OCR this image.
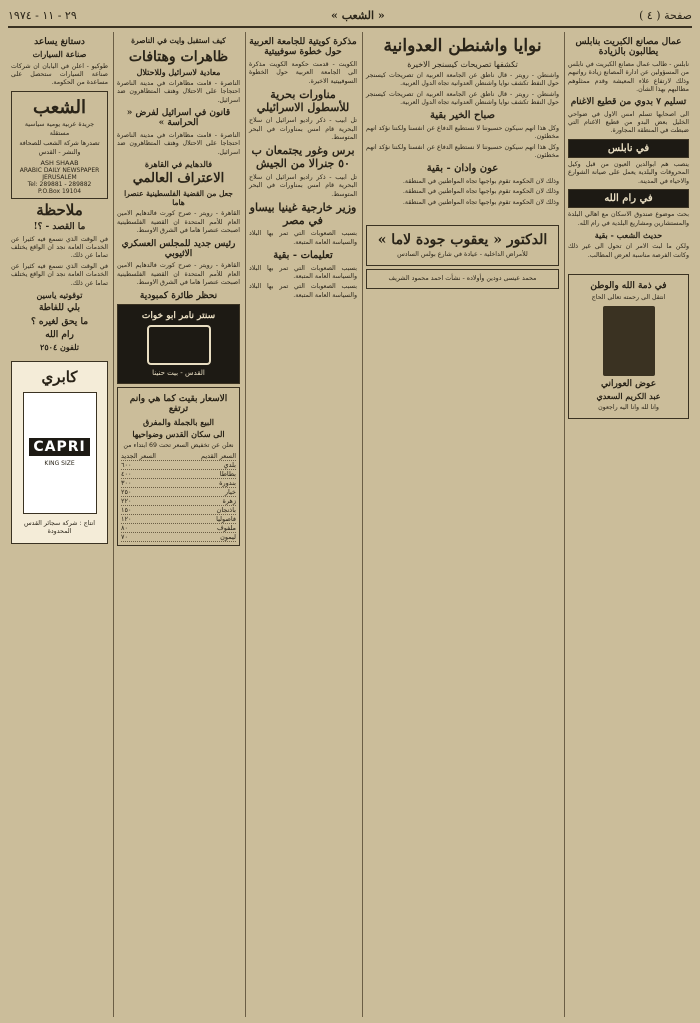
صفحة ( ٤ )
« الشعب »
٢٩ - ١١ - ١٩٧٤
عمال مصانع الكبريت بنابلس يطالبون بالزيادة

نابلس - طالب عمال مصانع الكبريت في نابلس من المسؤولين عن ادارة المصانع زيادة رواتبهم وذلك لارتفاع غلاء المعيشة وقدم ممثلوهم مطالبهم بهذا الشأن.

تسليم ٧ بدوي من قطيع الاغنام

الى اصحابها تسلم امس الاول في ضواحي الخليل بعض البدو من قطيع الاغنام التي ضبطت في المنطقة المجاورة.

في نابلس

ينصب هم ابوالدين العيون من قبل وكيل المحروقات والبلدية يعمل على صيانة الشوارع والاحياء في المدينة.

في رام الله

بحث موضوع صندوق الاسكان مع اهالي البلدة والمستشارين ومشاريع البلدية في رام الله.

حديث الشعب - بقية

ولكن ما لبث الامر ان تحول الى غير ذلك وكانت الفرصة مناسبة لعرض المطالب.

في ذمة الله والوطن
انتقل الى رحمته تعالى الحاج
عوض العوراني
عبد الكريم السعدي
وانا لله وانا اليه راجعون
نوايا واشنطن العدوانية
تكشفها تصريحات كيسنجر الاخيرة

واشنطن - رويتر - قال ناطق عن الجامعة العربية ان تصريحات كيسنجر حول النفط تكشف نوايا واشنطن العدوانية تجاه الدول العربية.

واشنطن - رويتر - قال ناطق عن الجامعة العربية ان تصريحات كيسنجر حول النفط تكشف نوايا واشنطن العدوانية تجاه الدول العربية.

صباح الخير بقية

وكل هذا انهم سيكون حسبوننا لا نستطيع الدفاع عن انفسنا ولكننا نؤكد انهم مخطئون.

وكل هذا انهم سيكون حسبوننا لا نستطيع الدفاع عن انفسنا ولكننا نؤكد انهم مخطئون.

عون وادان - بقية

وذلك لان الحكومة تقوم بواجبها تجاه المواطنين في المنطقة.

وذلك لان الحكومة تقوم بواجبها تجاه المواطنين في المنطقة.

وذلك لان الحكومة تقوم بواجبها تجاه المواطنين في المنطقة.

الدكتور « يعقوب جودة لاما »
للأمراض الداخلية - عيادة في شارع بولس السادس
محمد عيسى دودين وأولاده - نشأت احمد محمود الشريف
مذكرة كويتية للجامعة العربية حول خطوة سوفييتية

الكويت - قدمت حكومة الكويت مذكرة الى الجامعة العربية حول الخطوة السوفييتية الاخيرة.

مناورات بحرية للأسطول الاسرائيلي

تل ابيب - ذكر راديو اسرائيل ان سلاح البحرية قام امس بمناورات في البحر المتوسط.

برس وغور يجتمعان ب ٥٠ جنرالا من الجيش

تل ابيب - ذكر راديو اسرائيل ان سلاح البحرية قام امس بمناورات في البحر المتوسط.

وزير خارجية غينيا بيساو في مصر

بسبب الصعوبات التي تمر بها البلاد والسياسة العامة المتبعة.

تعليمات - بقية

بسبب الصعوبات التي تمر بها البلاد والسياسة العامة المتبعة.

بسبب الصعوبات التي تمر بها البلاد والسياسة العامة المتبعة.

كيف استقبل وايت في الناصرة
ظاهرات وهتافات
معادية لاسرائيل وللاحتلال

الناصرة - قامت مظاهرات في مدينة الناصرة احتجاجا على الاحتلال وهتف المتظاهرون ضد اسرائيل.

قانون في اسرائيل لفرض « الحراسة »

الناصرة - قامت مظاهرات في مدينة الناصرة احتجاجا على الاحتلال وهتف المتظاهرون ضد اسرائيل.

فالدهايم في القاهرة
الاعتراف العالمي
جعل من القضية الفلسطينية عنصرا هاما

القاهرة - رويتر - صرح كورت فالدهايم الامين العام للأمم المتحدة ان القضية الفلسطينية اصبحت عنصرا هاما في الشرق الاوسط.

رئيس جديد للمجلس العسكري الاثيوبي

القاهرة - رويتر - صرح كورت فالدهايم الامين العام للأمم المتحدة ان القضية الفلسطينية اصبحت عنصرا هاما في الشرق الاوسط.

نحظر طائرة كمبودية
سنتر نامر ابو خوات
القدس - بيت حنينا
الاسعار بقيت كما هي وانم ترتفع
البيع بالجملة والمفرق
الى سكان القدس وضواحيها
نعلن عن تخفيض السعر تحت 69 ابتداء من
السعر القديم
السعر الجديد
بلدي
٦٠٠
بطاطا
٤٠٠
بندورة
٣٠٠
خيار
٢٥٠
زهرة
٢٢٠
باذنجان
١٥٠
فاصوليا
١٢٠
ملفوف
٨٠
ليمون
٧٠
دستانغ يساعد
صناعة السيارات

طوكيو - اعلن في اليابان ان شركات صناعة السيارات ستحصل على مساعدة من الحكومة.

الشعب
جريدة عربية يومية سياسية مستقلة
تصدرها شركة الشعب للصحافة والنشر - القدس
ASH SHAAB
ARABIC DAILY NEWSPAPER
JERUSALEM
Tel: 289881 - 289882
P.O.Box 19104
ملاحظة
ما القصد - ؟!

في الوقت الذي نسمع فيه كثيرا عن الخدمات العامة نجد ان الواقع يختلف تماما عن ذلك.

في الوقت الذي نسمع فيه كثيرا عن الخدمات العامة نجد ان الواقع يختلف تماما عن ذلك.

توقوتيه ياسين
بلي للفاطة
ما يحق لغيره ؟
رام الله
تلفون ٢٥٠٤
كابري
CAPRI
KING SIZE
انتاج : شركة سجائر القدس المحدودة
